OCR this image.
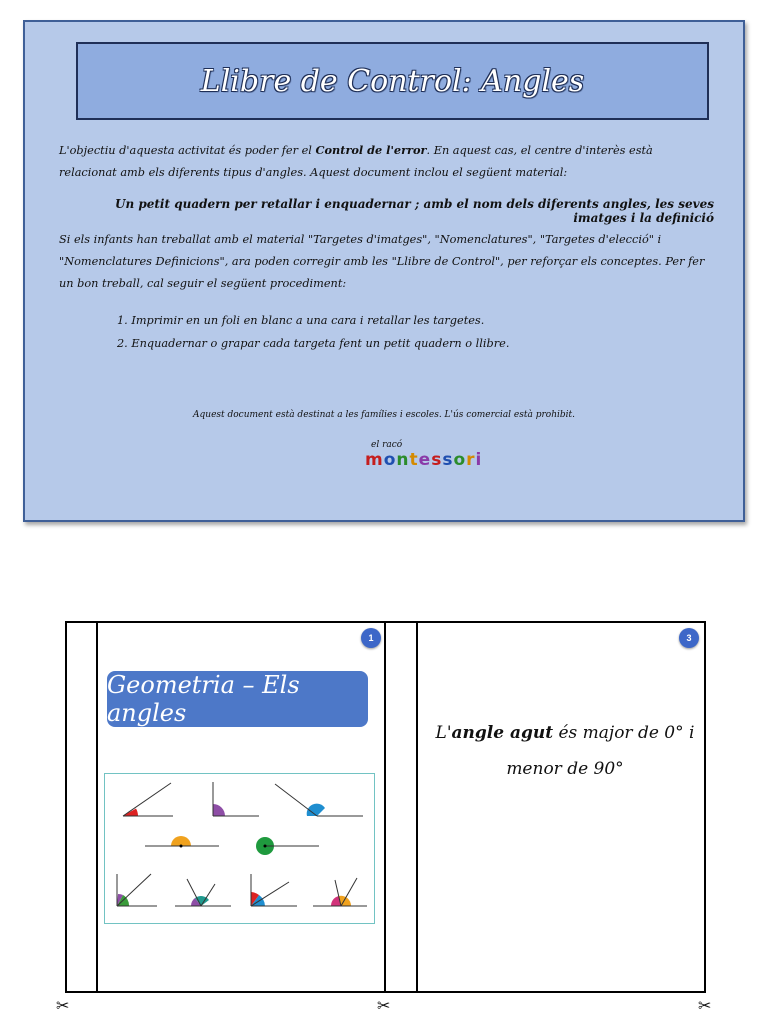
Llibre de Control: Angles
L'objectiu d'aquesta activitat és poder fer el Control de l'error. En aquest cas, el centre d'interès està relacionat amb els diferents tipus d'angles. Aquest document inclou el següent material:
Un petit quadern per retallar i enquadernar ; amb el nom dels diferents angles, les seves imatges i la definició
Si els infants han treballat amb el material "Targetes d'imatges", "Nomenclatures", "Targetes d'elecció" i "Nomenclatures Definicions", ara poden corregir amb les "Llibre de Control", per reforçar els conceptes. Per fer un bon treball, cal seguir el següent procediment:
1. Imprimir en un foli en blanc a una cara i retallar les targetes.
2. Enquadernar o grapar cada targeta fent un petit quadern o llibre.
Aquest document està destinat a les famílies i escoles. L'ús comercial està prohibit.
el racó
montessori
1	3
Geometria – Els angles
L'angle agut és major de 0° i menor de 90°
✂	✂	✂
